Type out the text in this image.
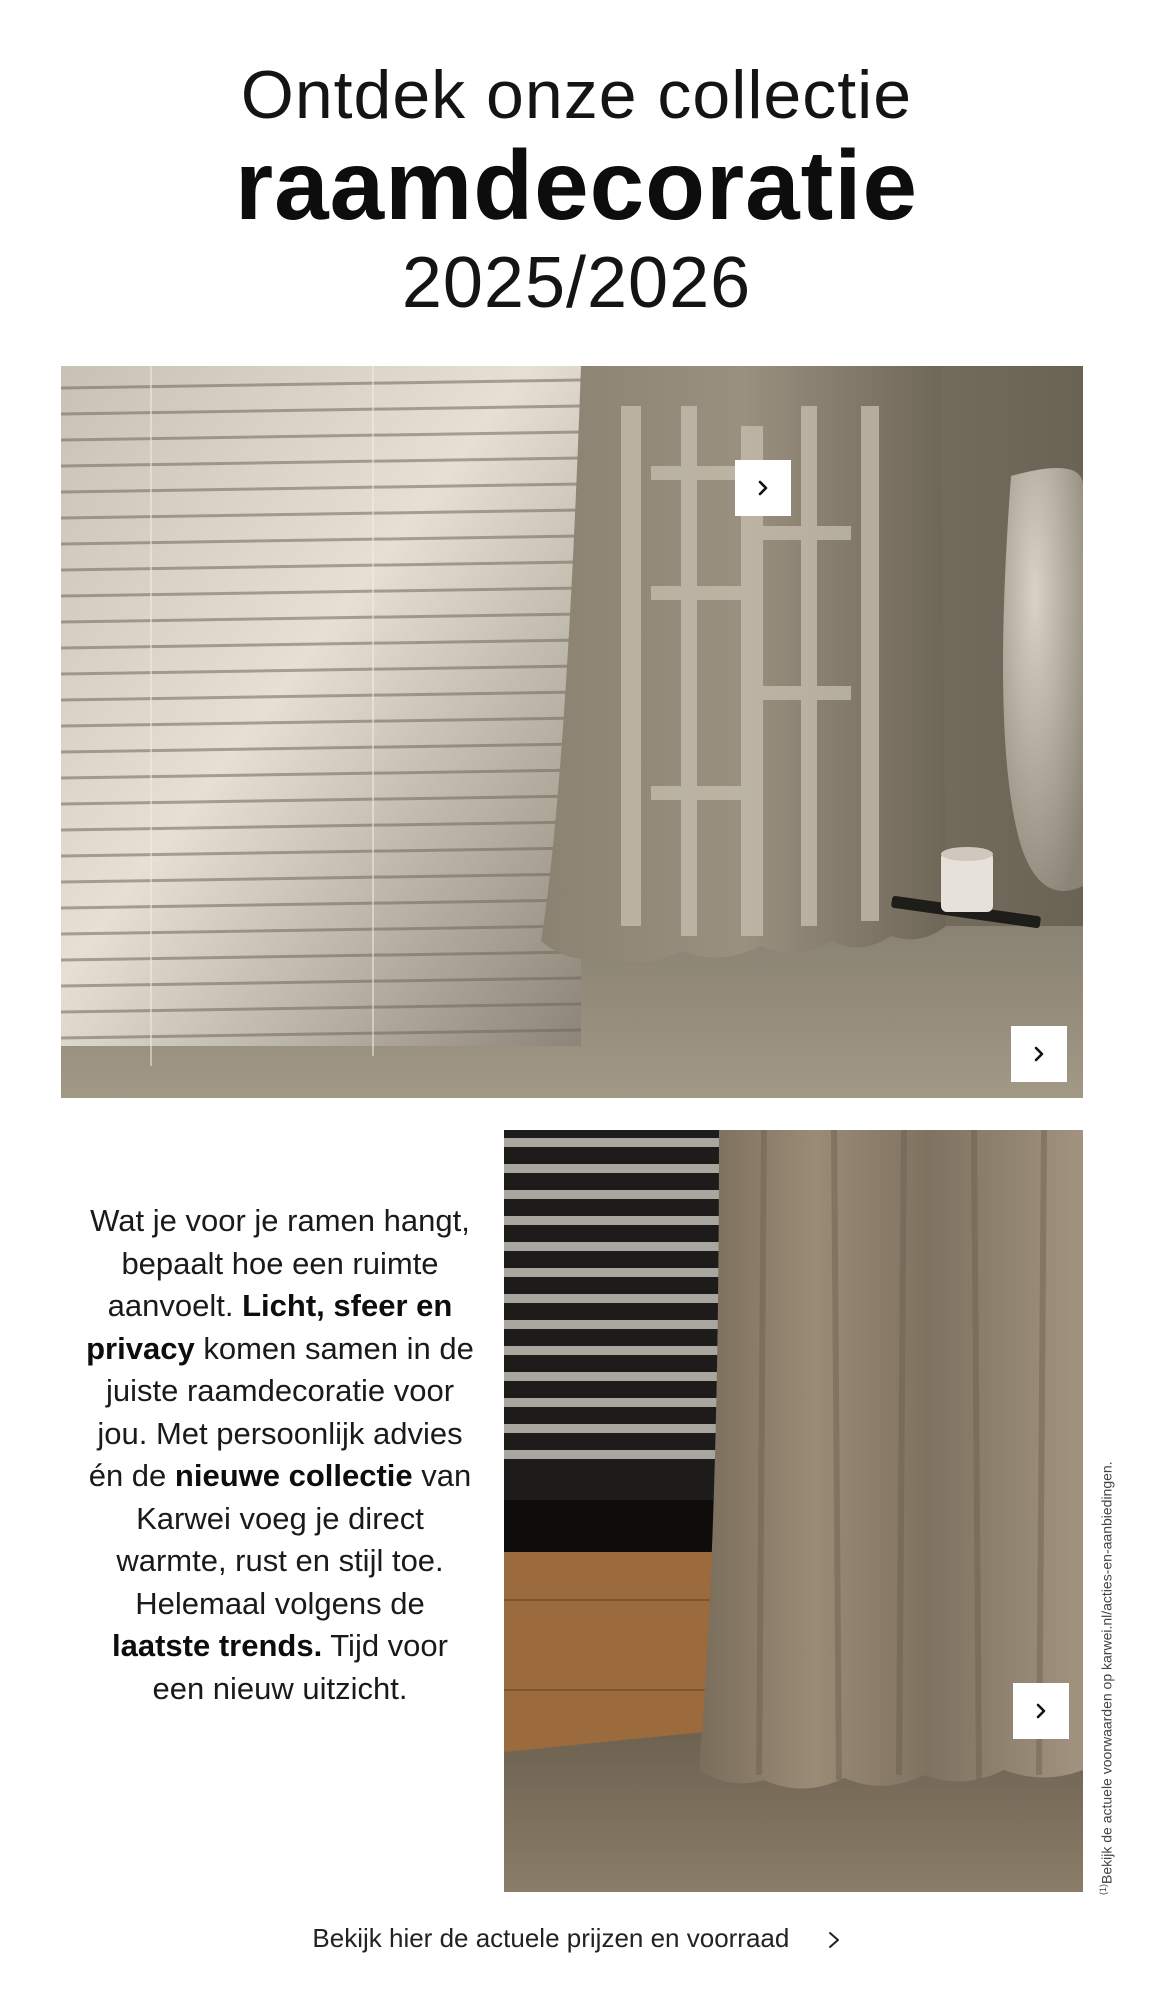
Ontdek onze collectie
raamdecoratie
2025/2026
Wat je voor je ramen hangt, bepaalt hoe een ruimte aanvoelt. Licht, sfeer en privacy komen samen in de juiste raamdecoratie voor jou. Met persoonlijk advies én de nieuwe collectie van Karwei voeg je direct warmte, rust en stijl toe. Helemaal volgens de laatste trends. Tijd voor een nieuw uitzicht.
$^{(1)}$Bekijk de actuele voorwaarden op karwei.nl/acties-en-aanbiedingen.
Bekijk hier de actuele prijzen en voorraad
